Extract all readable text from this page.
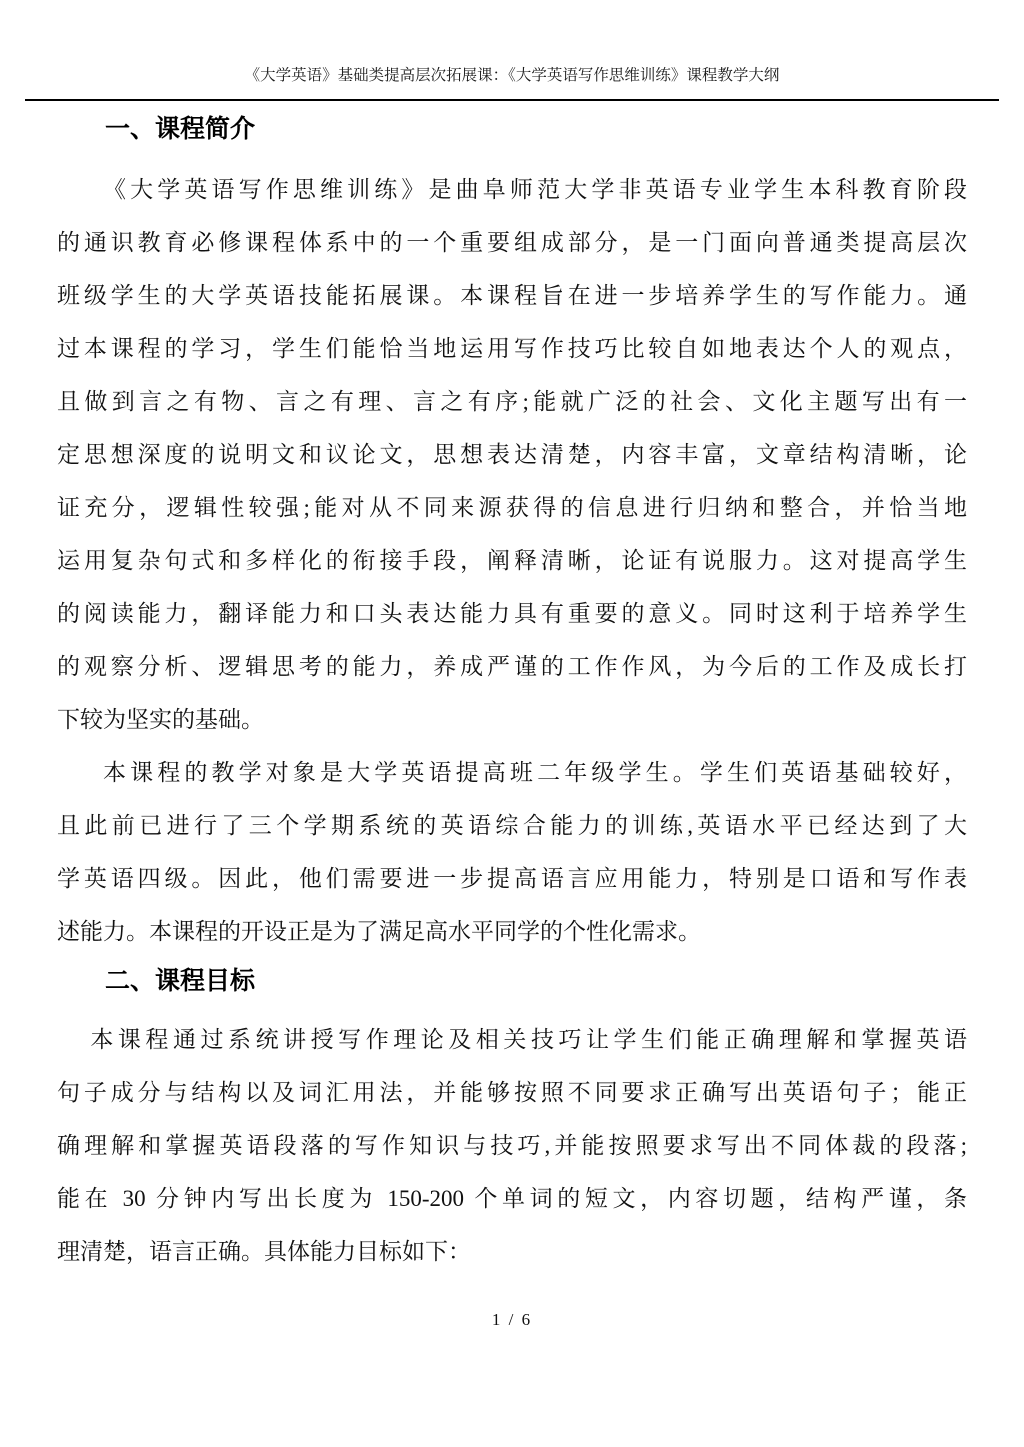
《大学英语》基础类提高层次拓展课：《大学英语写作思维训练》课程教学大纲
一、课程简介
《大学英语写作思维训练》是曲阜师范大学非英语专业学生本科教育阶段
的通识教育必修课程体系中的一个重要组成部分，是一门面向普通类提高层次
班级学生的大学英语技能拓展课。本课程旨在进一步培养学生的写作能力。通
过本课程的学习，学生们能恰当地运用写作技巧比较自如地表达个人的观点，
且做到言之有物、言之有理、言之有序;能就广泛的社会、文化主题写出有一
定思想深度的说明文和议论文，思想表达清楚，内容丰富，文章结构清晰，论
证充分，逻辑性较强;能对从不同来源获得的信息进行归纳和整合，并恰当地
运用复杂句式和多样化的衔接手段，阐释清晰，论证有说服力。这对提高学生
的阅读能力，翻译能力和口头表达能力具有重要的意义。同时这利于培养学生
的观察分析、逻辑思考的能力，养成严谨的工作作风，为今后的工作及成长打
下较为坚实的基础。
本课程的教学对象是大学英语提高班二年级学生。学生们英语基础较好，
且此前已进行了三个学期系统的英语综合能力的训练,英语水平已经达到了大
学英语四级。因此，他们需要进一步提高语言应用能力，特别是口语和写作表
述能力。本课程的开设正是为了满足高水平同学的个性化需求。
二、课程目标
本课程通过系统讲授写作理论及相关技巧让学生们能正确理解和掌握英语
句子成分与结构以及词汇用法，并能够按照不同要求正确写出英语句子；能正
确理解和掌握英语段落的写作知识与技巧,并能按照要求写出不同体裁的段落;
能在 30 分钟内写出长度为 150-200 个单词的短文，内容切题，结构严谨，条
理清楚，语言正确。具体能力目标如下：
1 / 6
